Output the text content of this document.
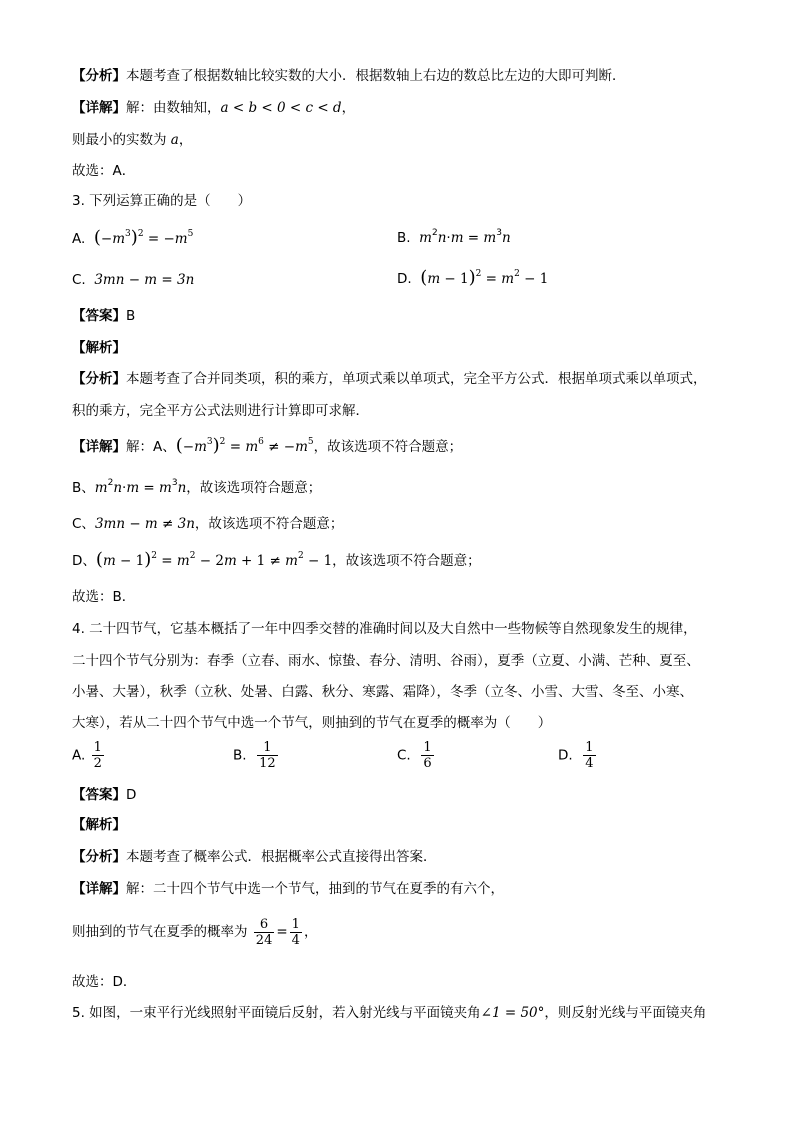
【分析】本题考查了根据数轴比较实数的大小．根据数轴上右边的数总比左边的大即可判断．
【详解】解：由数轴知，a < b < 0 < c < d，
则最小的实数为 a，
故选：A．
3. 下列运算正确的是（　　）
A. $(-m^3)^2 = -m^5$	B. $m^2n\cdot m = m^3n$
C. 3mn − m = 3n	D. $(m - 1)^2 = m^2 - 1$
【答案】B
【解析】
【分析】本题考查了合并同类项，积的乘方，单项式乘以单项式，完全平方公式．根据单项式乘以单项式，
积的乘方，完全平方公式法则进行计算即可求解．
【详解】解：A、$(-m^3)^2 = m^6 \ne -m^5$，故该选项不符合题意；
B、$m^2n\cdot m = m^3n$，故该选项符合题意；
C、3mn − m ≠ 3n，故该选项不符合题意；
D、$(m - 1)^2 = m^2 - 2m + 1 \ne m^2 - 1$，故该选项不符合题意；
故选：B．
4. 二十四节气，它基本概括了一年中四季交替的准确时间以及大自然中一些物候等自然现象发生的规律，
二十四个节气分别为：春季（立春、雨水、惊蛰、春分、清明、谷雨），夏季（立夏、小满、芒种、夏至、
小暑、大暑），秋季（立秋、处暑、白露、秋分、寒露、霜降），冬季（立冬、小雪、大雪、冬至、小寒、
大寒），若从二十四个节气中选一个节气，则抽到的节气在夏季的概率为（　　）
A. $\frac{1}{2}$	B. $\frac{1}{12}$	C. $\frac{1}{6}$	D. $\frac{1}{4}$
【答案】D
【解析】
【分析】本题考查了概率公式．根据概率公式直接得出答案．
【详解】解：二十四个节气中选一个节气，抽到的节气在夏季的有六个，
则抽到的节气在夏季的概率为 $\frac{6}{24} = \frac{1}{4}$ ，
故选：D．
5. 如图，一束平行光线照射平面镜后反射，若入射光线与平面镜夹角∠1 = 50°，则反射光线与平面镜夹角
